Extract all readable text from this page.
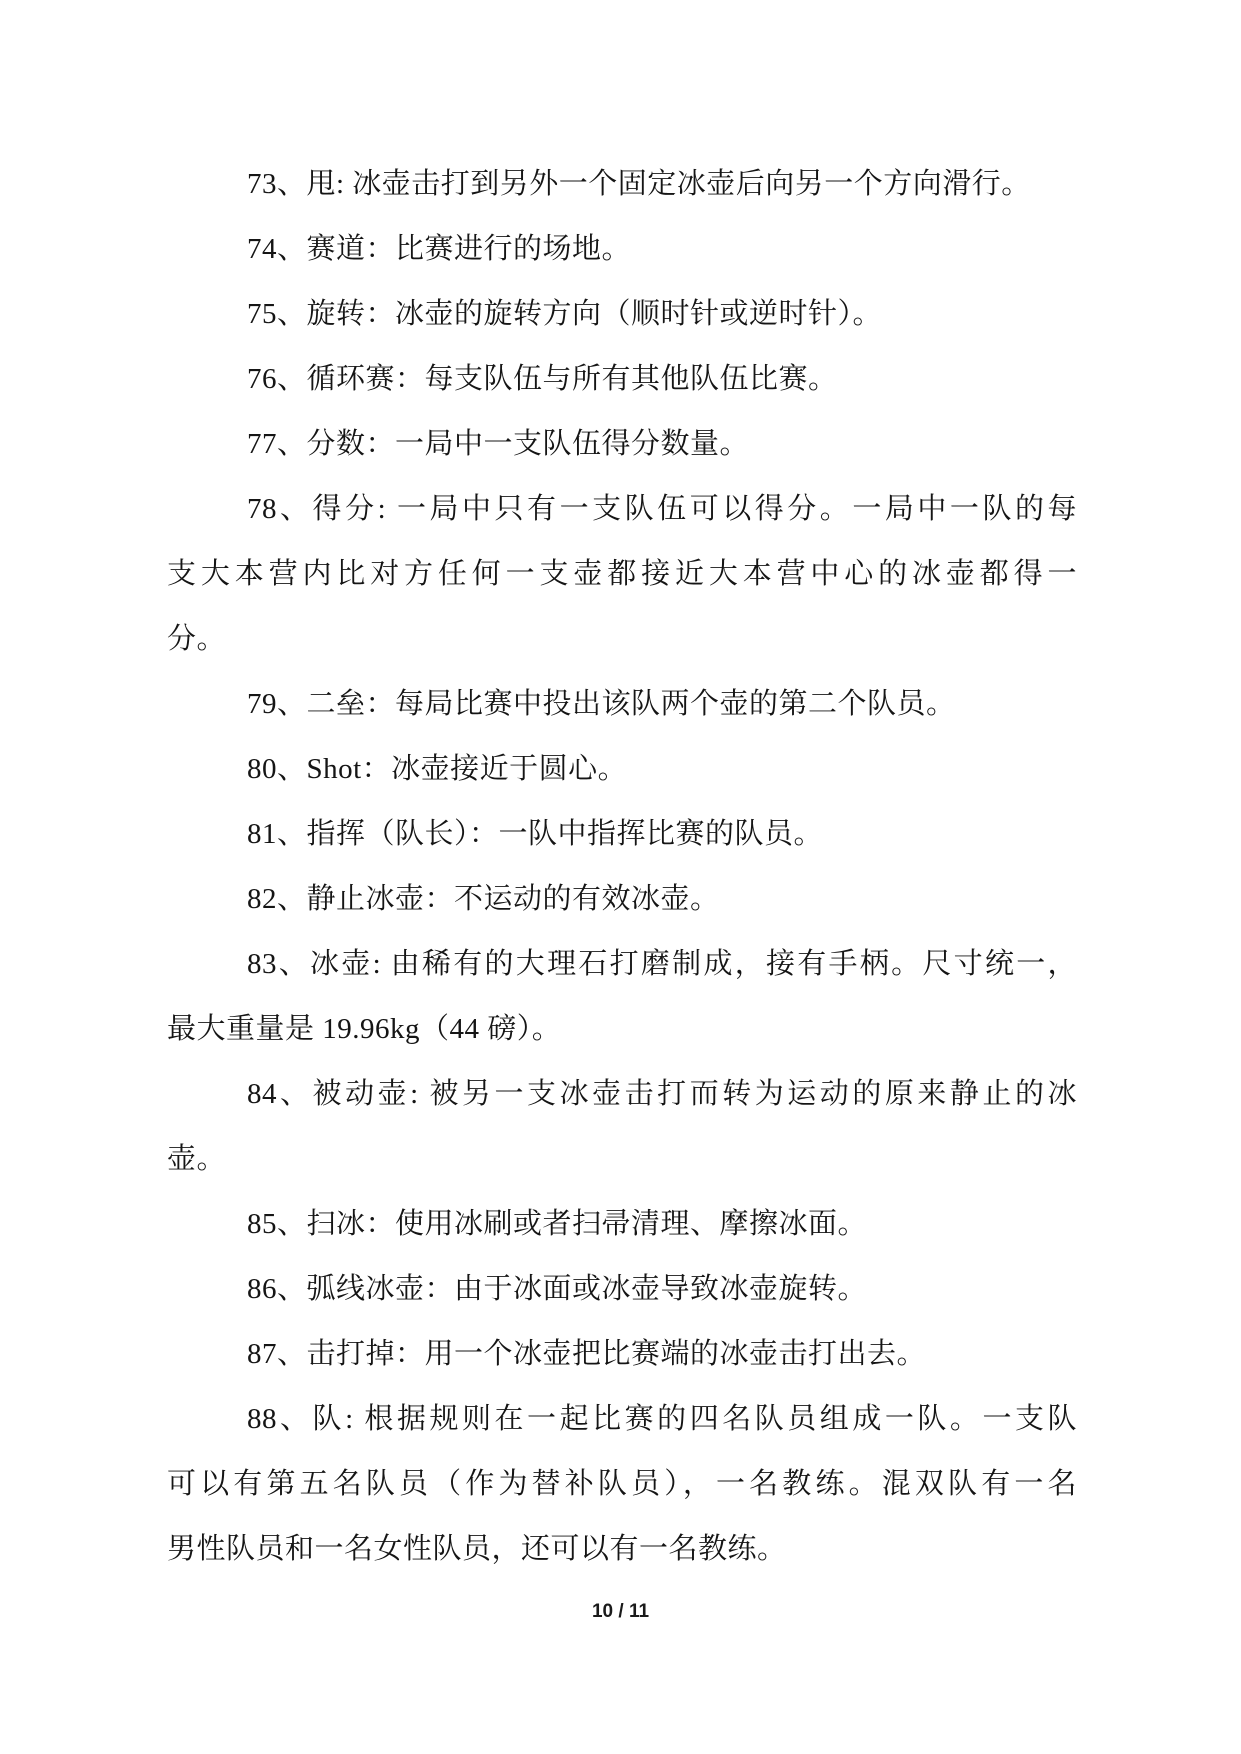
73、甩: 冰壶击打到另外一个固定冰壶后向另一个方向滑行。
74、赛道：比赛进行的场地。
75、旋转：冰壶的旋转方向（顺时针或逆时针）。
76、循环赛：每支队伍与所有其他队伍比赛。
77、分数：一局中一支队伍得分数量。
78、得分: 一局中只有一支队伍可以得分。一局中一队的每
支大本营内比对方任何一支壶都接近大本营中心的冰壶都得一
分。
79、二垒：每局比赛中投出该队两个壶的第二个队员。
80、Shot：冰壶接近于圆心。
81、指挥（队长）：一队中指挥比赛的队员。
82、静止冰壶：不运动的有效冰壶。
83、冰壶: 由稀有的大理石打磨制成，接有手柄。尺寸统一，
最大重量是 19.96kg（44 磅）。
84、被动壶: 被另一支冰壶击打而转为运动的原来静止的冰
壶。
85、扫冰：使用冰刷或者扫帚清理、摩擦冰面。
86、弧线冰壶：由于冰面或冰壶导致冰壶旋转。
87、击打掉：用一个冰壶把比赛端的冰壶击打出去。
88、队: 根据规则在一起比赛的四名队员组成一队。一支队
可以有第五名队员（作为替补队员），一名教练。混双队有一名
男性队员和一名女性队员，还可以有一名教练。
10 / 11
